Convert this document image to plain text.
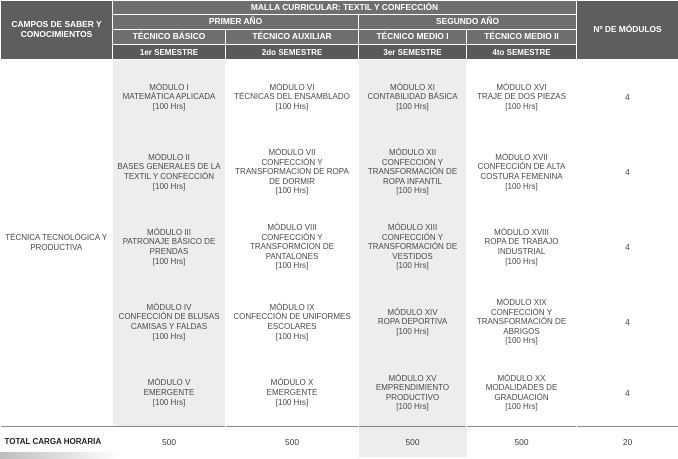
CAMPOS DE SABER Y CONOCIMIENTOS	MALLA CURRICULAR: TEXTIL Y CONFECCIÓN				Nº DE MÓDULOS
	PRIMER AÑO		SEGUNDO AÑO		
	TÉCNICO BÁSICO	TÉCNICO AUXILIAR	TÉCNICO MEDIO I	TÉCNICO MEDIO II	
	1er SEMESTRE	2do SEMESTRE	3er SEMESTRE	4to SEMESTRE	
TÉCNICA TECNOLÓGICA Y PRODUCTIVA	MÓDULO I
MATEMÁTICA APLICADA
[100 Hrs]	MÓDULO VI
TÉCNICAS DEL ENSAMBLADO
[100 Hrs]	MÓDULO XI
CONTABILIDAD BÁSICA
[100 Hrs]	MÓDULO XVI
TRAJE DE DOS PIEZAS
[100 Hrs]	4

	MÓDULO II
BASES GENERALES DE LA
TEXTIL Y CONFECCIÓN
[100 Hrs]	MÓDULO VII
CONFECCIÓN Y
TRANSFORMACION DE ROPA
DE DORMIR
[100 Hrs]	MÓDULO XII
CONFECCIÓN Y
TRANSFORMACIÓN DE
ROPA INFANTIL
[100 Hrs]	MÓDULO XVII
CONFECCIÓN DE ALTA
COSTURA FEMENINA
[100 Hrs]	4

	MÓDULO III
PATRONAJE BÁSICO DE
PRENDAS
[100 Hrs]	MÓDULO VIII
CONFECCIÓN Y
TRANSFORMCION DE
PANTALONES
[100 Hrs]	MÓDULO XIII
CONFECCIÓN Y
TRANSFORMACIÓN DE
VESTIDOS
[100 Hrs]	MÓDULO XVIII
ROPA DE TRABAJO
INDUSTRIAL
[100 Hrs]	4

	MÓDULO IV
CONFECCIÓN DE BLUSAS
CAMISAS Y FALDAS
[100 Hrs]	MÓDULO IX
CONFECCIÓN DE UNIFORMES
ESCOLARES
[100 Hrs]	MÓDULO XIV
ROPA DEPORTIVA
[100 Hrs]	MÓDULO XIX
CONFECCIÓN Y
TRANSFORMACIÓN DE
ABRIGOS
[100 Hrs]	4

	MÓDULO V
EMERGENTE
[100 Hrs]	MÓDULO X
EMERGENTE
[100 Hrs]	MÓDULO XV
EMPRENDIMIENTO
PRODUCTIVO
[100 Hrs]	MÓDULO XX
MODALIDADES DE
GRADUACIÓN
[100 Hrs]	4
TOTAL CARGA HORARIA	500	500	500	500	20
